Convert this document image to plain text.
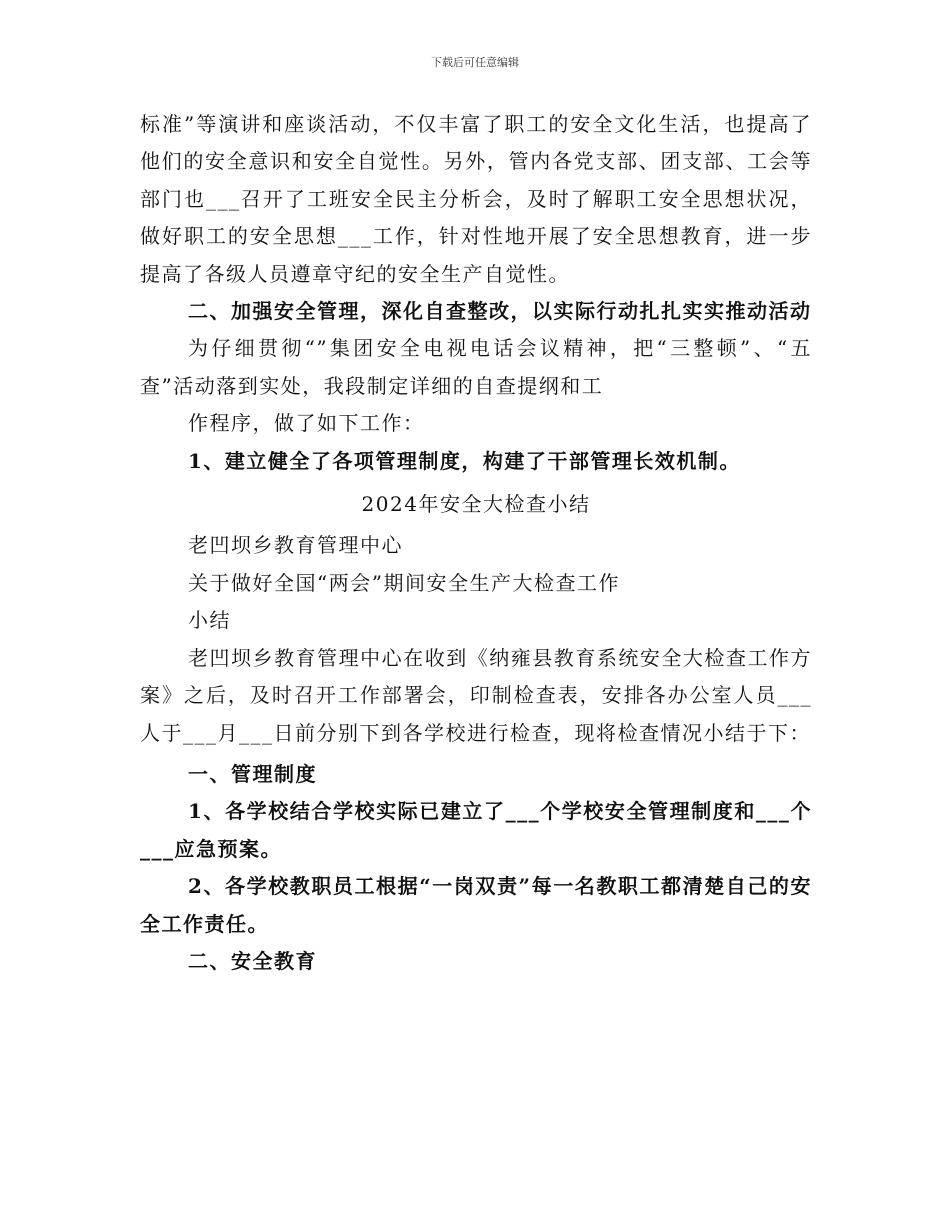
下载后可任意编辑

标准”等演讲和座谈活动，不仅丰富了职工的安全文化生活，也提高了他们的安全意识和安全自觉性。另外，管内各党支部、团支部、工会等部门也___召开了工班安全民主分析会，及时了解职工安全思想状况，做好职工的安全思想___工作，针对性地开展了安全思想教育，进一步提高了各级人员遵章守纪的安全生产自觉性。

二、加强安全管理，深化自查整改，以实际行动扎扎实实推动活动

为仔细贯彻“”集团安全电视电话会议精神，把“三整顿”、“五查”活动落到实处，我段制定详细的自查提纲和工

作程序，做了如下工作：

1、建立健全了各项管理制度，构建了干部管理长效机制。

2024年安全大检查小结

老凹坝乡教育管理中心

关于做好全国“两会”期间安全生产大检查工作

小结

老凹坝乡教育管理中心在收到《纳雍县教育系统安全大检查工作方案》之后，及时召开工作部署会，印制检查表，安排各办公室人员___人于___月___日前分别下到各学校进行检查，现将检查情况小结于下：

一、管理制度

1、各学校结合学校实际已建立了___个学校安全管理制度和___个___应急预案。

2、各学校教职员工根据“一岗双责”每一名教职工都清楚自己的安全工作责任。

二、安全教育
